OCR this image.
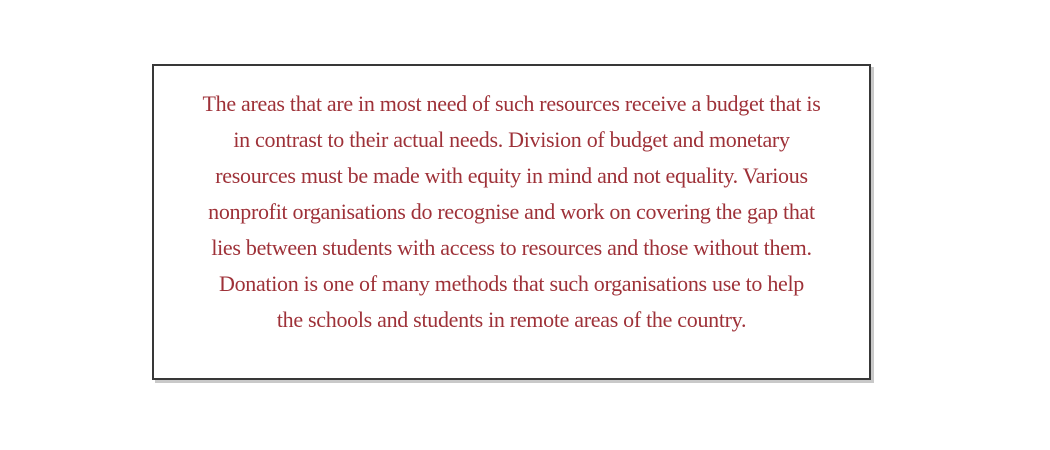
The areas that are in most need of such resources receive a budget that is
in contrast to their actual needs. Division of budget and monetary
resources must be made with equity in mind and not equality. Various
nonprofit organisations do recognise and work on covering the gap that
lies between students with access to resources and those without them.
Donation is one of many methods that such organisations use to help
the schools and students in remote areas of the country.
